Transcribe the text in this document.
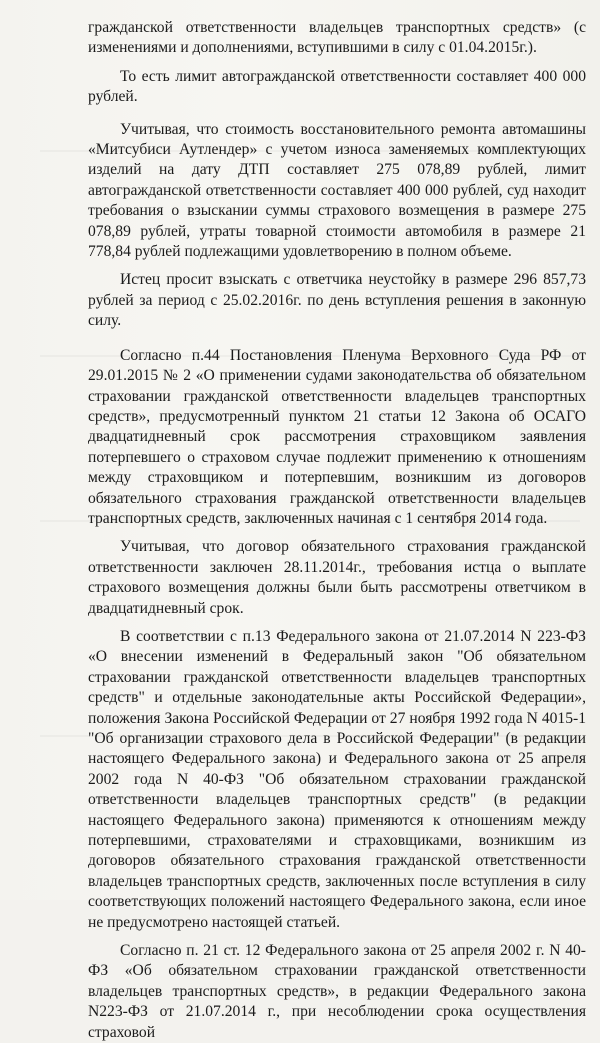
гражданской ответственности владельцев транспортных средств» (с изменениями и дополнениями, вступившими в силу с 01.04.2015г.).

То есть лимит автогражданской ответственности составляет 400 000 рублей.

Учитывая, что стоимость восстановительного ремонта автомашины «Митсубиси Аутлендер» с учетом износа заменяемых комплектующих изделий на дату ДТП составляет 275 078,89 рублей, лимит автогражданской ответственности составляет 400 000 рублей, суд находит требования о взыскании суммы страхового возмещения в размере 275 078,89 рублей, утраты товарной стоимости автомобиля в размере 21 778,84 рублей подлежащими удовлетворению в полном объеме.

Истец просит взыскать с ответчика неустойку в размере 296 857,73 рублей за период с 25.02.2016г. по день вступления решения в законную силу.

Согласно п.44 Постановления Пленума Верховного Суда РФ от 29.01.2015 № 2 «О применении судами законодательства об обязательном страховании гражданской ответственности владельцев транспортных средств», предусмотренный пунктом 21 статьи 12 Закона об ОСАГО двадцатидневный срок рассмотрения страховщиком заявления потерпевшего о страховом случае подлежит применению к отношениям между страховщиком и потерпевшим, возникшим из договоров обязательного страхования гражданской ответственности владельцев транспортных средств, заключенных начиная с 1 сентября 2014 года.

Учитывая, что договор обязательного страхования гражданской ответственности заключен 28.11.2014г., требования истца о выплате страхового возмещения должны были быть рассмотрены ответчиком в двадцатидневный срок.

В соответствии с п.13 Федерального закона от 21.07.2014 N 223-ФЗ «О внесении изменений в Федеральный закон "Об обязательном страховании гражданской ответственности владельцев транспортных средств" и отдельные законодательные акты Российской Федерации», положения Закона Российской Федерации от 27 ноября 1992 года N 4015-1 "Об организации страхового дела в Российской Федерации" (в редакции настоящего Федерального закона) и Федерального закона от 25 апреля 2002 года N 40-ФЗ "Об обязательном страховании гражданской ответственности владельцев транспортных средств" (в редакции настоящего Федерального закона) применяются к отношениям между потерпевшими, страхователями и страховщиками, возникшим из договоров обязательного страхования гражданской ответственности владельцев транспортных средств, заключенных после вступления в силу соответствующих положений настоящего Федерального закона, если иное не предусмотрено настоящей статьей.

Согласно п. 21 ст. 12 Федерального закона от 25 апреля 2002 г. N 40-ФЗ «Об обязательном страховании гражданской ответственности владельцев транспортных средств», в редакции Федерального закона N223-ФЗ от 21.07.2014 г., при несоблюдении срока осуществления страховой
